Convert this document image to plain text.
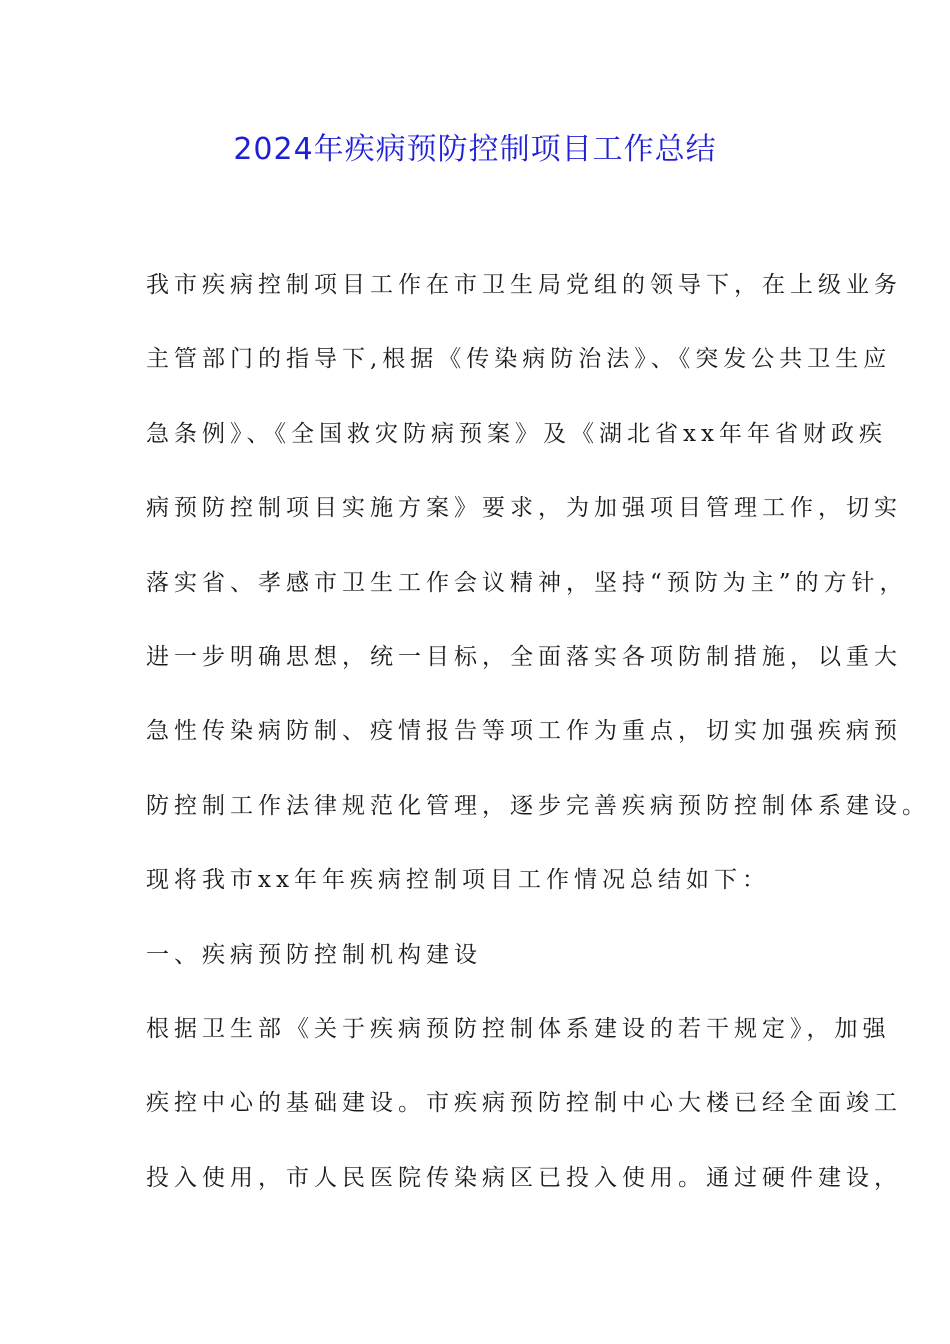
2024年疾病预防控制项目工作总结
我市疾病控制项目工作在市卫生局党组的领导下，在上级业务
主管部门的指导下,根据《传染病防治法》、《突发公共卫生应
急条例》、《全国救灾防病预案》及《湖北省xx年年省财政疾
病预防控制项目实施方案》要求，为加强项目管理工作，切实
落实省、孝感市卫生工作会议精神，坚持“预防为主”的方针，
进一步明确思想，统一目标，全面落实各项防制措施，以重大
急性传染病防制、疫情报告等项工作为重点，切实加强疾病预
防控制工作法律规范化管理，逐步完善疾病预防控制体系建设。
现将我市xx年年疾病控制项目工作情况总结如下：
一、疾病预防控制机构建设
根据卫生部《关于疾病预防控制体系建设的若干规定》，加强
疾控中心的基础建设。市疾病预防控制中心大楼已经全面竣工
投入使用，市人民医院传染病区已投入使用。通过硬件建设，
